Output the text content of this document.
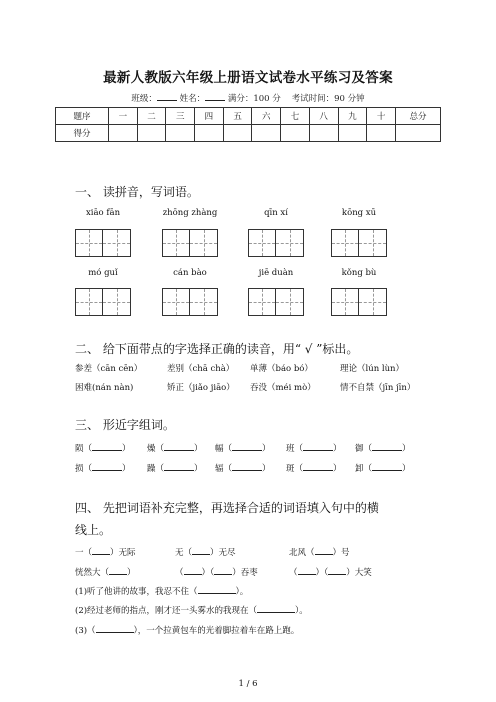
最新人教版六年级上册语文试卷水平练习及答案
班级：	姓名：	满分：100 分 考试时间：90 分钟
题序	一	二	三	四	五	六	七	八	九	十	总分
得分											
一、 读拼音，写词语。
xiāo fān	zhōng zhàng	qīn xí	kōng xū
mó guǐ	cán bào	jiē duàn	kǒng bù
二、 给下面带点的字选择正确的读音，用“ √ ”标出。
参差（cān cēn）	差别（chā chà） 单薄（báo bó）	理论（lún lùn）
困难(nán nàn)	矫正（jiǎo jiāo） 吞没（méi mò）	情不自禁（jīn jīn）
三、 形近字组词。
陨（	） 燥（	） 幅（	） 班（	） 御（	）
损（	） 躁（	） 辐（	） 斑（	） 卸（	）
四、 先把词语补充完整，再选择合适的词语填入句中的横
线上。
一（ ）无际	无（ ）无尽	北风（ ）号
恍然大（ ）	（ ）（ ）吞枣	（ ）（ ）大笑
(1)听了他讲的故事，我忍不住（	）。
(2)经过老师的指点，刚才还一头雾水的我现在（	）。
(3)（	），一个拉黄包车的光着脚拉着车在路上跑。
1 / 6
